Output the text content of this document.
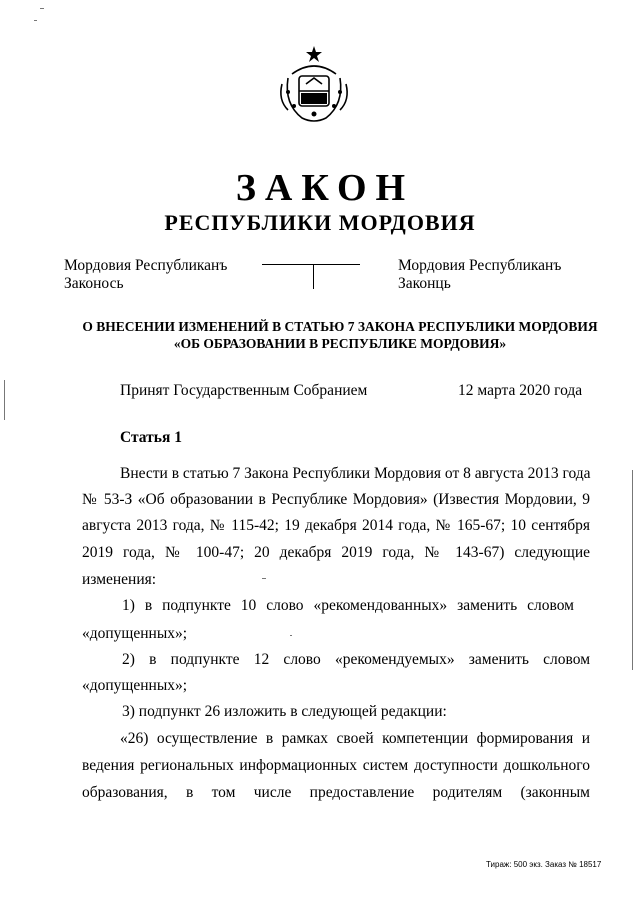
ЗАКОН
РЕСПУБЛИКИ МОРДОВИЯ
Мордовия Республиканъ
Законось
Мордовия Республиканъ
Законць
О ВНЕСЕНИИ ИЗМЕНЕНИЙ В СТАТЬЮ 7 ЗАКОНА РЕСПУБЛИКИ МОРДОВИЯ
«ОБ ОБРАЗОВАНИИ В РЕСПУБЛИКЕ МОРДОВИЯ»
Принят Государственным Собранием	12 марта 2020 года
Статья 1
Внести в статью 7 Закона Республики Мордовия от 8 августа 2013 года
№ 53-З «Об образовании в Республике Мордовия» (Известия Мордовии, 9
августа 2013 года, № 115-42; 19 декабря 2014 года, № 165-67; 10 сентября
2019 года, № 100-47; 20 декабря 2019 года, № 143-67) следующие
изменения:
1) в подпункте 10 слово «рекомендованных» заменить словом
«допущенных»;
2) в подпункте 12 слово «рекомендуемых» заменить словом
«допущенных»;
3) подпункт 26 изложить в следующей редакции:
«26) осуществление в рамках своей компетенции формирования и
ведения региональных информационных систем доступности дошкольного
образования, в том числе предоставление родителям (законным
Тираж: 500 экз. Заказ № 18517
